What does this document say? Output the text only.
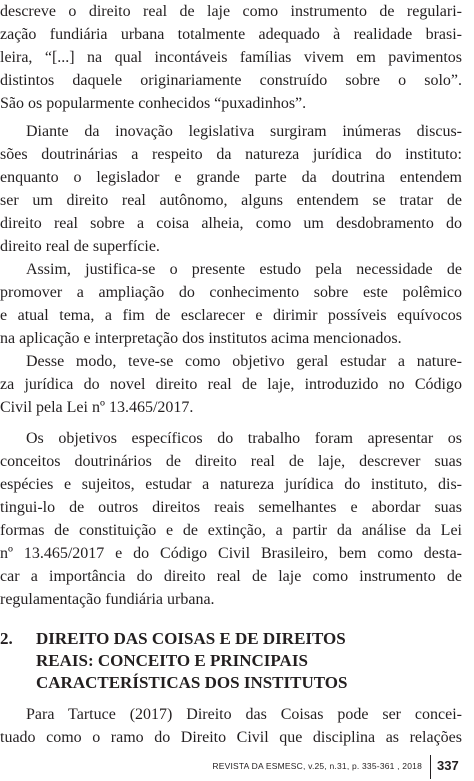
descreve o direito real de laje como instrumento de regulari-
zação fundiária urbana totalmente adequado à realidade brasi-
leira, “[...] na qual incontáveis famílias vivem em pavimentos
distintos daquele originariamente construído sobre o solo”.
São os popularmente conhecidos “puxadinhos”.
Diante da inovação legislativa surgiram inúmeras discus-
sões doutrinárias a respeito da natureza jurídica do instituto:
enquanto o legislador e grande parte da doutrina entendem
ser um direito real autônomo, alguns entendem se tratar de
direito real sobre a coisa alheia, como um desdobramento do
direito real de superfície.
Assim, justifica-se o presente estudo pela necessidade de
promover a ampliação do conhecimento sobre este polêmico
e atual tema, a fim de esclarecer e dirimir possíveis equívocos
na aplicação e interpretação dos institutos acima mencionados.
Desse modo, teve-se como objetivo geral estudar a nature-
za jurídica do novel direito real de laje, introduzido no Código
Civil pela Lei nº 13.465/2017.
Os objetivos específicos do trabalho foram apresentar os
conceitos doutrinários de direito real de laje, descrever suas
espécies e sujeitos, estudar a natureza jurídica do instituto, dis-
tingui-lo de outros direitos reais semelhantes e abordar suas
formas de constituição e de extinção, a partir da análise da Lei
nº 13.465/2017 e do Código Civil Brasileiro, bem como desta-
car a importância do direito real de laje como instrumento de
regulamentação fundiária urbana.
2. DIREITO DAS COISAS E DE DIREITOS
REAIS: CONCEITO E PRINCIPAIS
CARACTERÍSTICAS DOS INSTITUTOS
Para Tartuce (2017) Direito das Coisas pode ser concei-
tuado como o ramo do Direito Civil que disciplina as relações
REVISTA DA ESMESC, v.25, n.31, p. 335-361 , 2018 337
